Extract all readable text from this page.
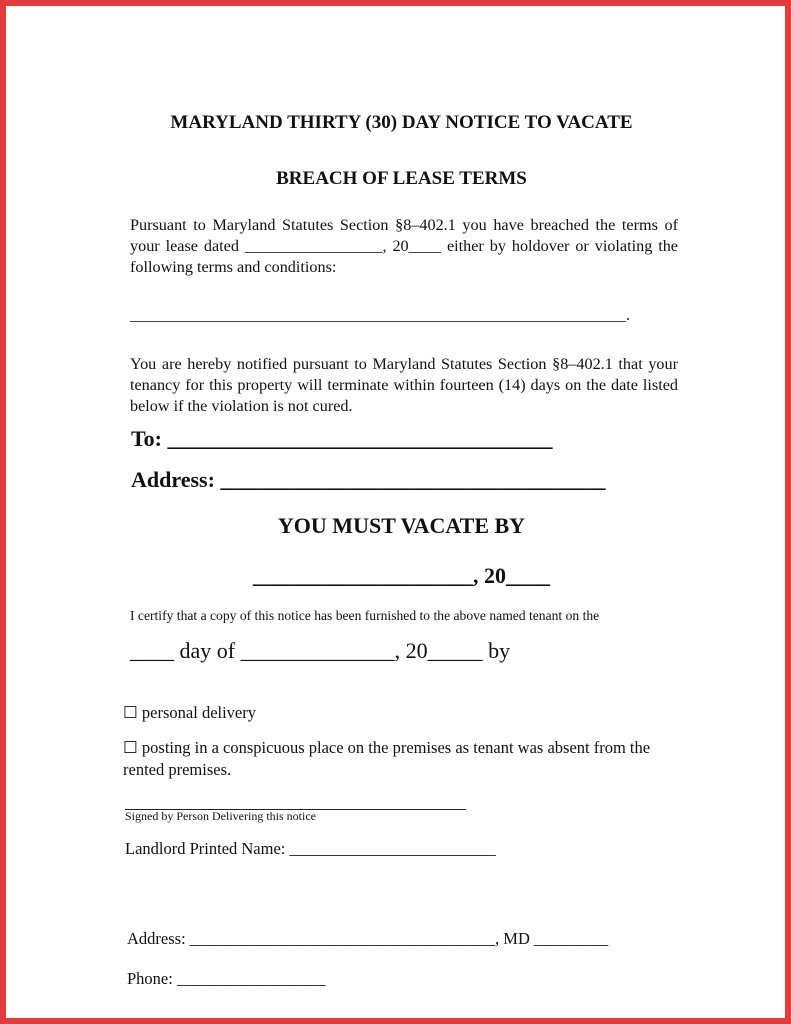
MARYLAND THIRTY (30) DAY NOTICE TO VACATE
BREACH OF LEASE TERMS
Pursuant to Maryland Statutes Section §8–402.1 you have breached the terms of your lease dated _________________, 20____ either by holdover or violating the following terms and conditions:
______________________________________________________________.
You are hereby notified pursuant to Maryland Statutes Section §8–402.1 that your tenancy for this property will terminate within fourteen (14) days on the date listed below if the violation is not cured.
To: ___________________________________
Address: ___________________________________
YOU MUST VACATE BY
____________________, 20____
I certify that a copy of this notice has been furnished to the above named tenant on the
____ day of ______________, 20_____ by
☐ personal delivery
☐ posting in a conspicuous place on the premises as tenant was absent from the rented premises.
Signed by Person Delivering this notice
Landlord Printed Name: _________________________
Address: _____________________________________, MD _________
Phone: __________________
